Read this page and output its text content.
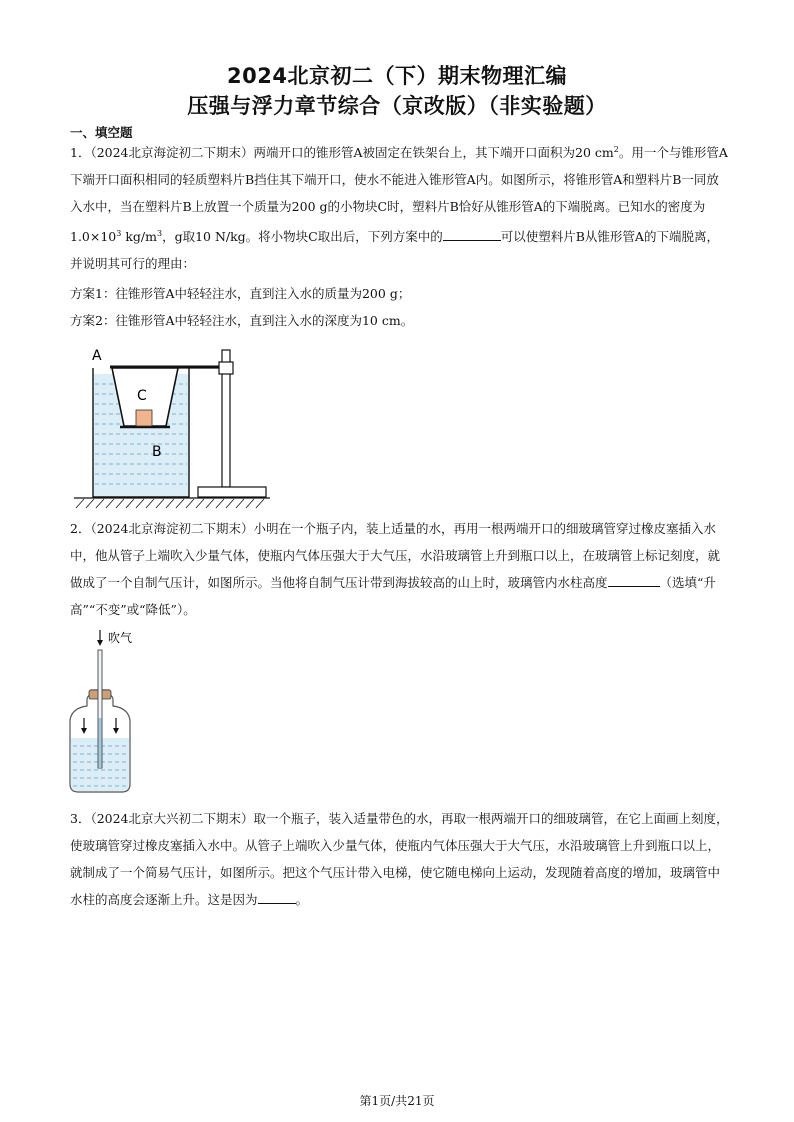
2024北京初二（下）期末物理汇编
压强与浮力章节综合（京改版）（非实验题）
一、填空题

1．（2024北京海淀初二下期末）两端开口的锥形管A被固定在铁架台上，其下端开口面积为20 $cm^2$。用一个与锥形管A下端开口面积相同的轻质塑料片B挡住其下端开口，使水不能进入锥形管A内。如图所示，将锥形管A和塑料片B一同放入水中，当在塑料片B上放置一个质量为200 g的小物块C时，塑料片B恰好从锥形管A的下端脱离。已知水的密度为$1.0\times 10^3$ $kg/m^3$，g取10 N/kg。将小物块C取出后，下列方案中的	可以使塑料片B从锥形管A的下端脱离，并说明其可行的理由：

方案1：往锥形管A中轻轻注水，直到注入水的质量为200 g；

方案2：往锥形管A中轻轻注水，直到注入水的深度为10 cm。

A
C
B

2．（2024北京海淀初二下期末）小明在一个瓶子内，装上适量的水，再用一根两端开口的细玻璃管穿过橡皮塞插入水中，他从管子上端吹入少量气体，使瓶内气体压强大于大气压，水沿玻璃管上升到瓶口以上，在玻璃管上标记刻度，就做成了一个自制气压计，如图所示。当他将自制气压计带到海拔较高的山上时，玻璃管内水柱高度	（选填“升高”“不变”或“降低”）。

吹气

3．（2024北京大兴初二下期末）取一个瓶子，装入适量带色的水，再取一根两端开口的细玻璃管，在它上面画上刻度，使玻璃管穿过橡皮塞插入水中。从管子上端吹入少量气体，使瓶内气体压强大于大气压，水沿玻璃管上升到瓶口以上，就制成了一个简易气压计，如图所示。把这个气压计带入电梯，使它随电梯向上运动，发现随着高度的增加，玻璃管中水柱的高度会逐渐上升。这是因为	。

第1页/共21页
